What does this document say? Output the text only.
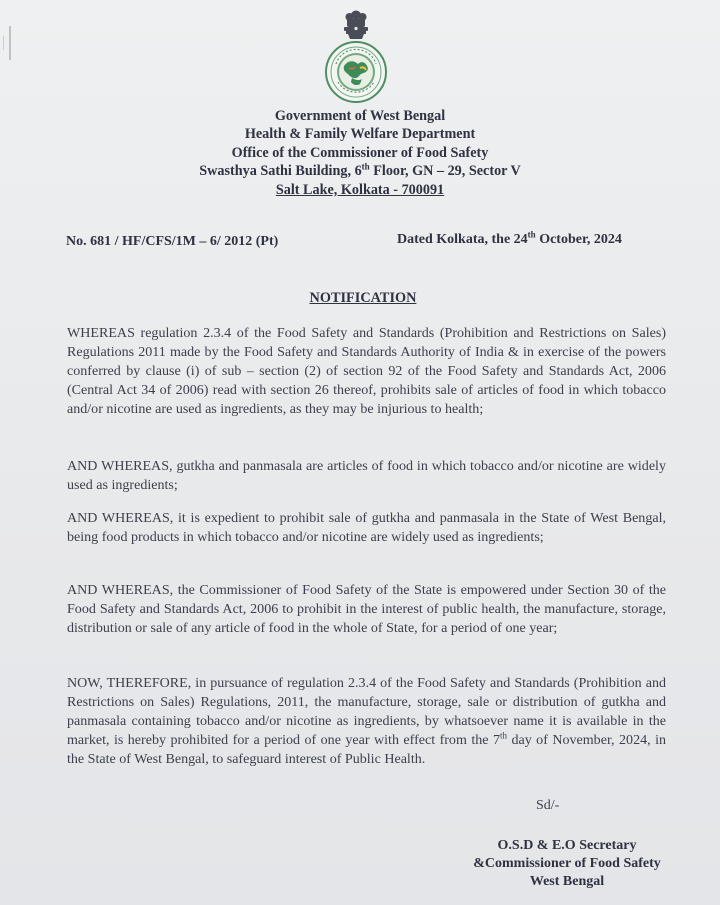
Government of West Bengal
Health & Family Welfare Department
Office of the Commissioner of Food Safety
Swasthya Sathi Building, 6th Floor, GN – 29, Sector V
Salt Lake, Kolkata - 700091
No. 681 / HF/CFS/1M – 6/ 2012 (Pt)	Dated Kolkata, the 24th October, 2024
NOTIFICATION
WHEREAS regulation 2.3.4 of the Food Safety and Standards (Prohibition and Restrictions on Sales) Regulations 2011 made by the Food Safety and Standards Authority of India & in exercise of the powers conferred by clause (i) of sub – section (2) of section 92 of the Food Safety and Standards Act, 2006 (Central Act 34 of 2006) read with section 26 thereof, prohibits sale of articles of food in which tobacco and/or nicotine are used as ingredients, as they may be injurious to health;
AND WHEREAS, gutkha and panmasala are articles of food in which tobacco and/or nicotine are widely used as ingredients;
AND WHEREAS, it is expedient to prohibit sale of gutkha and panmasala in the State of West Bengal, being food products in which tobacco and/or nicotine are widely used as ingredients;
AND WHEREAS, the Commissioner of Food Safety of the State is empowered under Section 30 of the Food Safety and Standards Act, 2006 to prohibit in the interest of public health, the manufacture, storage, distribution or sale of any article of food in the whole of State, for a period of one year;
NOW, THEREFORE, in pursuance of regulation 2.3.4 of the Food Safety and Standards (Prohibition and Restrictions on Sales) Regulations, 2011, the manufacture, storage, sale or distribution of gutkha and panmasala containing tobacco and/or nicotine as ingredients, by whatsoever name it is available in the market, is hereby prohibited for a period of one year with effect from the 7th day of November, 2024, in the State of West Bengal, to safeguard interest of Public Health.
Sd/-
O.S.D & E.O Secretary
&Commissioner of Food Safety
West Bengal
